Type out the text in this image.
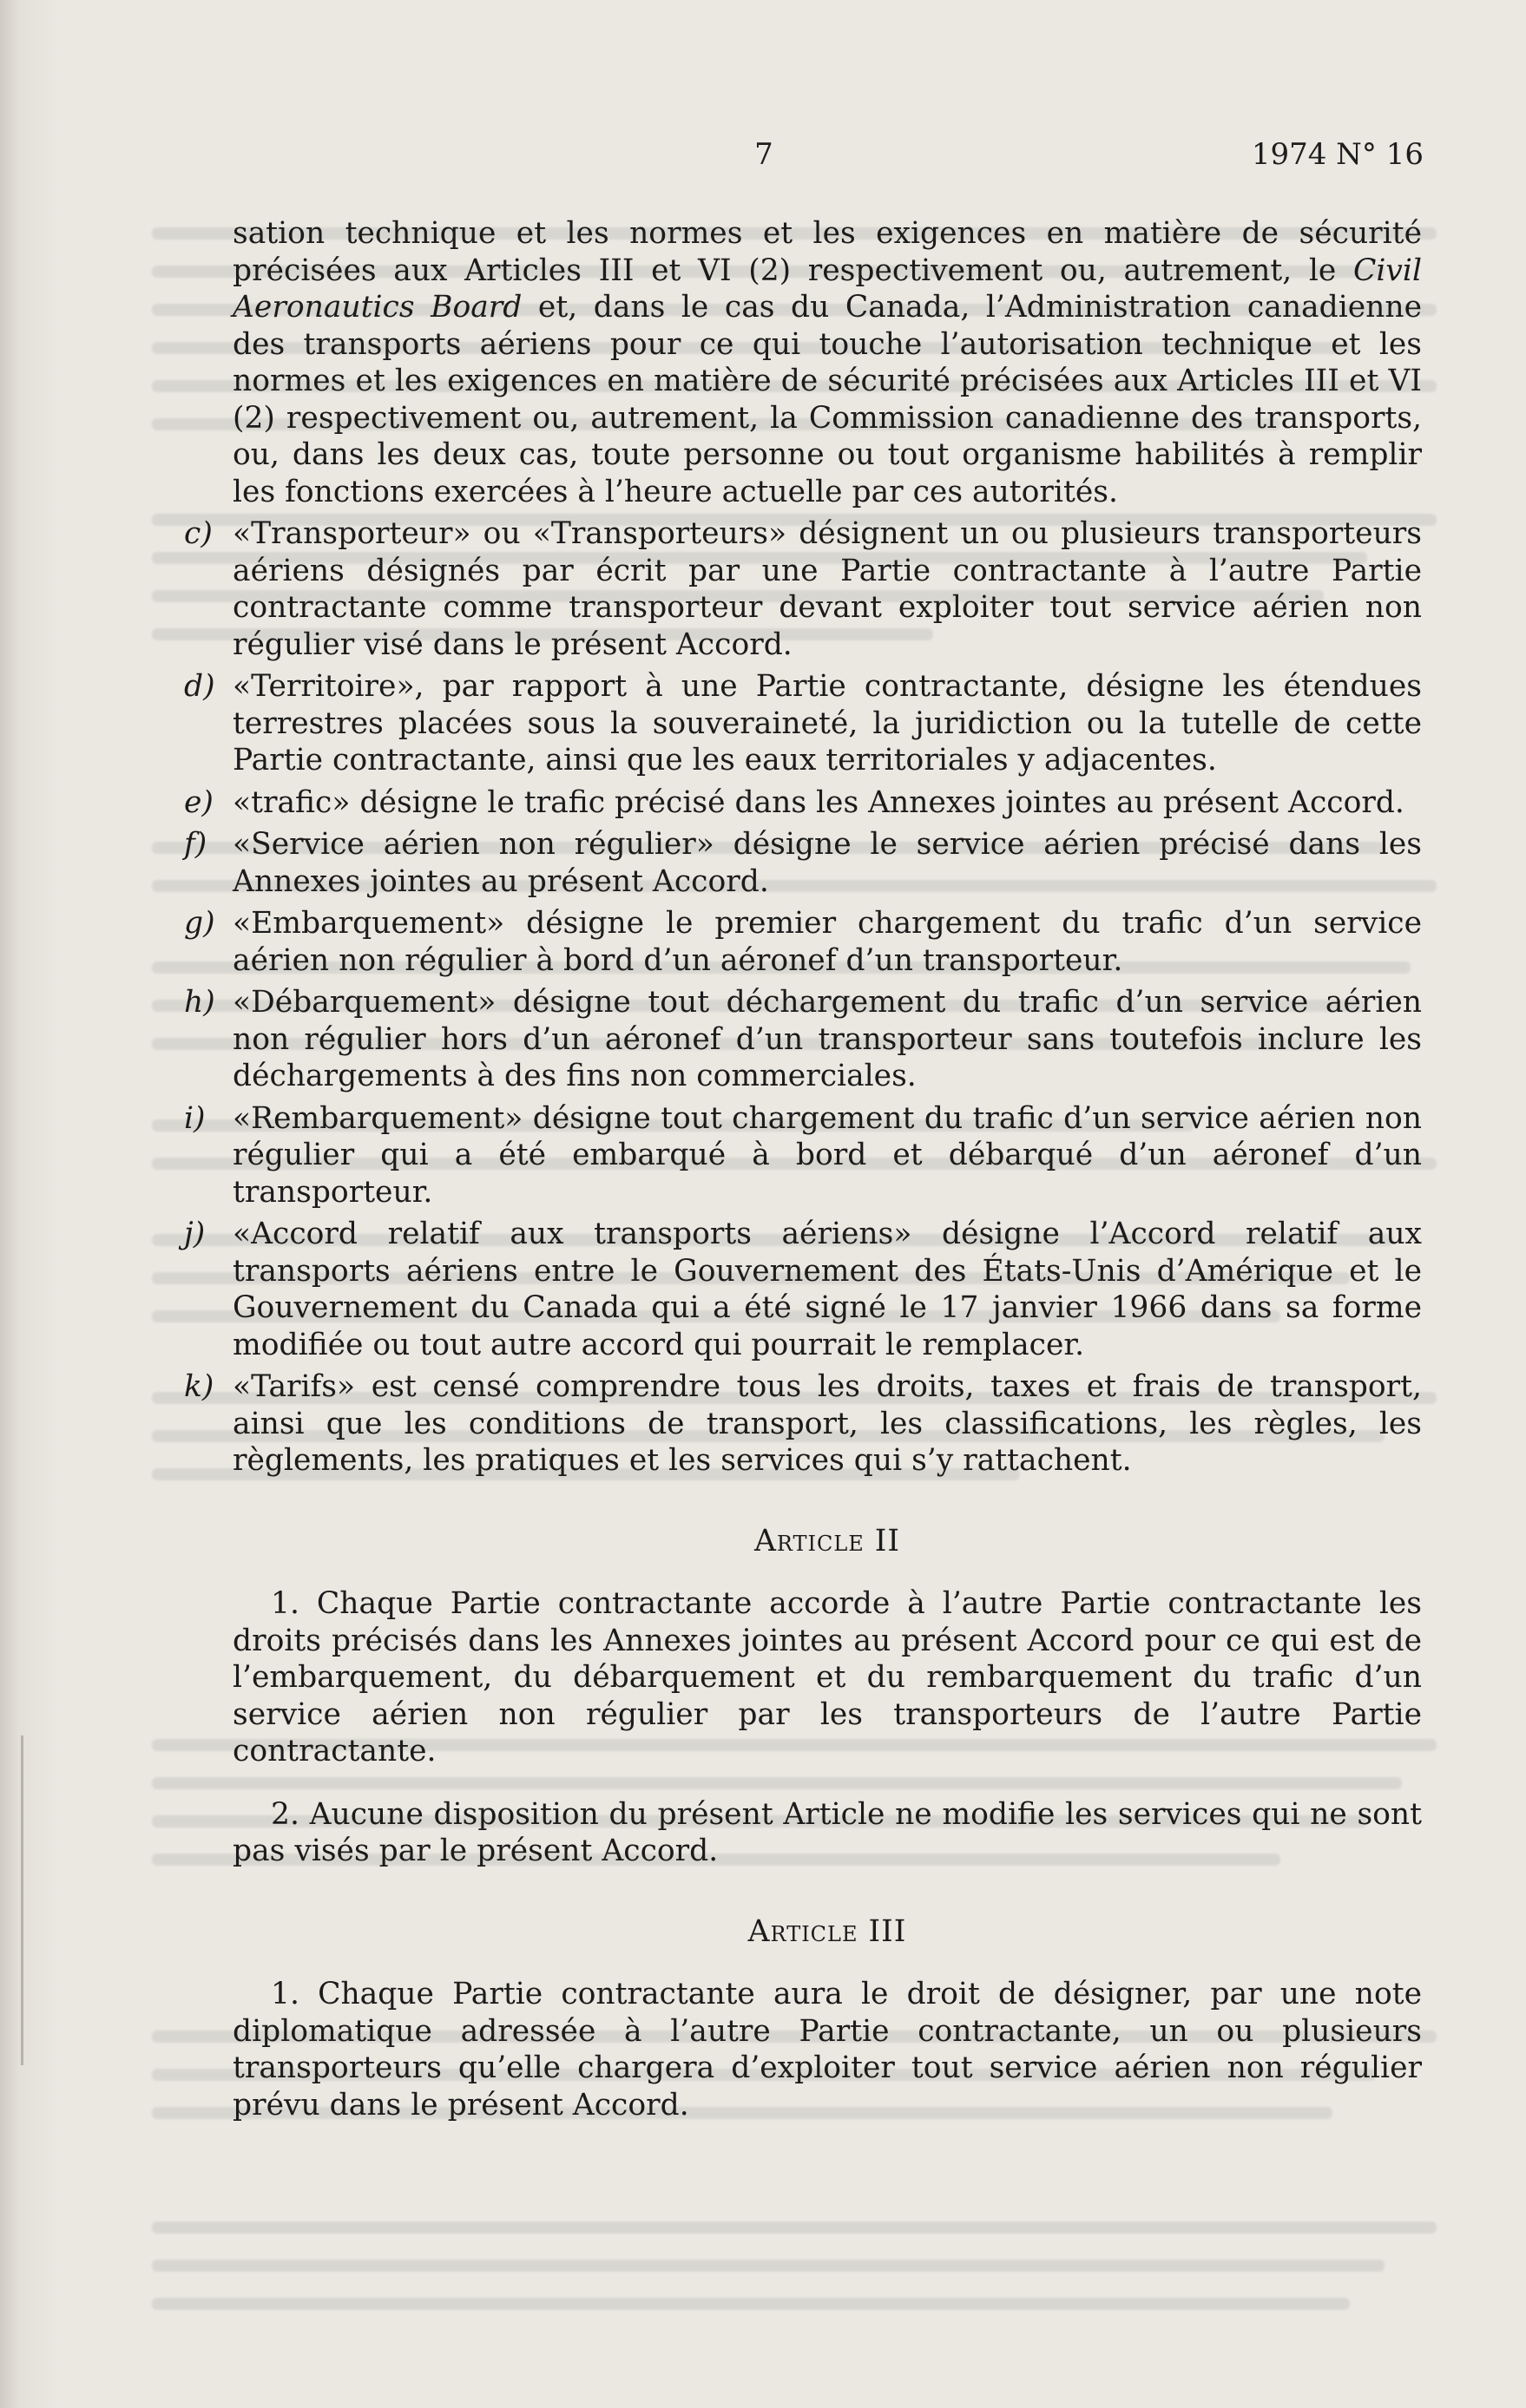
7	1974 N° 16

sation technique et les normes et les exigences en matière de sécurité précisées aux Articles III et VI (2) respectivement ou, autrement, le Civil Aeronautics Board et, dans le cas du Canada, l’Administration canadienne des transports aériens pour ce qui touche l’autorisation technique et les normes et les exigences en matière de sécurité précisées aux Articles III et VI (2) respectivement ou, autrement, la Commission canadienne des transports, ou, dans les deux cas, toute personne ou tout organisme habilités à remplir les fonctions exercées à l’heure actuelle par ces autorités.

c) «Transporteur» ou «Transporteurs» désignent un ou plusieurs transporteurs aériens désignés par écrit par une Partie contractante à l’autre Partie contractante comme transporteur devant exploiter tout service aérien non régulier visé dans le présent Accord.

d) «Territoire», par rapport à une Partie contractante, désigne les étendues terrestres placées sous la souveraineté, la juridiction ou la tutelle de cette Partie contractante, ainsi que les eaux territoriales y adjacentes.

e) «trafic» désigne le trafic précisé dans les Annexes jointes au présent Accord.

f) «Service aérien non régulier» désigne le service aérien précisé dans les Annexes jointes au présent Accord.

g) «Embarquement» désigne le premier chargement du trafic d’un service aérien non régulier à bord d’un aéronef d’un transporteur.

h) «Débarquement» désigne tout déchargement du trafic d’un service aérien non régulier hors d’un aéronef d’un transporteur sans toutefois inclure les déchargements à des fins non commerciales.

i) «Rembarquement» désigne tout chargement du trafic d’un service aérien non régulier qui a été embarqué à bord et débarqué d’un aéronef d’un transporteur.

j) «Accord relatif aux transports aériens» désigne l’Accord relatif aux transports aériens entre le Gouvernement des États-Unis d’Amérique et le Gouvernement du Canada qui a été signé le 17 janvier 1966 dans sa forme modifiée ou tout autre accord qui pourrait le remplacer.

k) «Tarifs» est censé comprendre tous les droits, taxes et frais de transport, ainsi que les conditions de transport, les classifications, les règles, les règlements, les pratiques et les services qui s’y rattachent.

Article II

1. Chaque Partie contractante accorde à l’autre Partie contractante les droits précisés dans les Annexes jointes au présent Accord pour ce qui est de l’embarquement, du débarquement et du rembarquement du trafic d’un service aérien non régulier par les transporteurs de l’autre Partie contractante.

2. Aucune disposition du présent Article ne modifie les services qui ne sont pas visés par le présent Accord.

Article III

1. Chaque Partie contractante aura le droit de désigner, par une note diplomatique adressée à l’autre Partie contractante, un ou plusieurs transporteurs qu’elle chargera d’exploiter tout service aérien non régulier prévu dans le présent Accord.
